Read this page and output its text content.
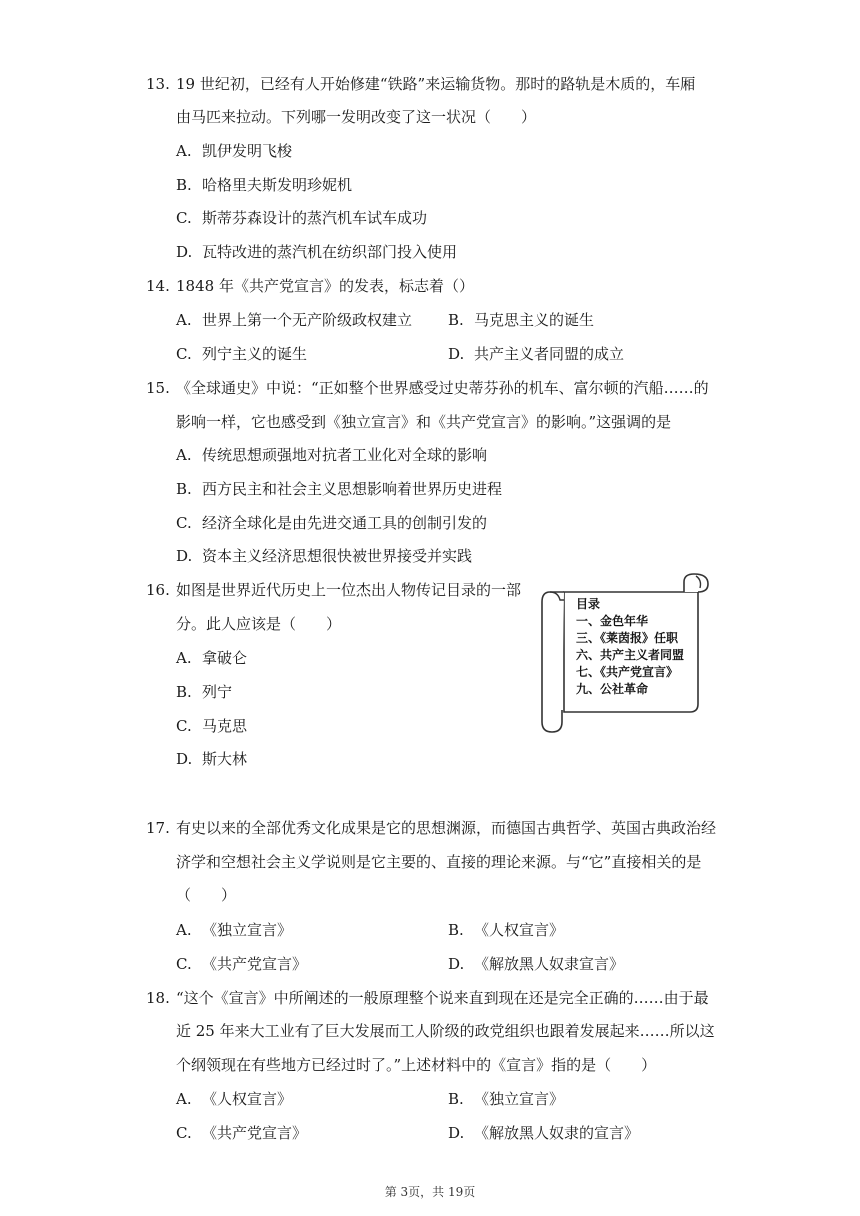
13. 19 世纪初，已经有人开始修建“铁路”来运输货物。那时的路轨是木质的，车厢
由马匹来拉动。下列哪一发明改变了这一状况（　　）
A. 凯伊发明飞梭
B. 哈格里夫斯发明珍妮机
C. 斯蒂芬森设计的蒸汽机车试车成功
D. 瓦特改进的蒸汽机在纺织部门投入使用
14. 1848 年《共产党宣言》的发表，标志着（）
A. 世界上第一个无产阶级政权建立 B. 马克思主义的诞生
C. 列宁主义的诞生	D. 共产主义者同盟的成立
15. 《全球通史》中说：“正如整个世界感受过史蒂芬孙的机车、富尔顿的汽船……的
影响一样，它也感受到《独立宣言》和《共产党宣言》的影响。”这强调的是
A. 传统思想顽强地对抗者工业化对全球的影响
B. 西方民主和社会主义思想影响着世界历史进程
C. 经济全球化是由先进交通工具的创制引发的
D. 资本主义经济思想很快被世界接受并实践
16. 如图是世界近代历史上一位杰出人物传记目录的一部
分。此人应该是（　　）
A. 拿破仑
B. 列宁
C. 马克思
D. 斯大林
目录
一、金色年华
三、《莱茵报》任职
六、共产主义者同盟
七、《共产党宣言》
九、公社革命
17. 有史以来的全部优秀文化成果是它的思想渊源，而德国古典哲学、英国古典政治经
济学和空想社会主义学说则是它主要的、直接的理论来源。与“它”直接相关的是
（　　）
A. 《独立宣言》	B. 《人权宣言》
C. 《共产党宣言》	D. 《解放黑人奴隶宣言》
18. “这个《宣言》中所阐述的一般原理整个说来直到现在还是完全正确的……由于最
近 25 年来大工业有了巨大发展而工人阶级的政党组织也跟着发展起来……所以这
个纲领现在有些地方已经过时了。”上述材料中的《宣言》指的是（　　）
A. 《人权宣言》	B. 《独立宣言》
C. 《共产党宣言》	D. 《解放黑人奴隶的宣言》
第 3页，共 19页
